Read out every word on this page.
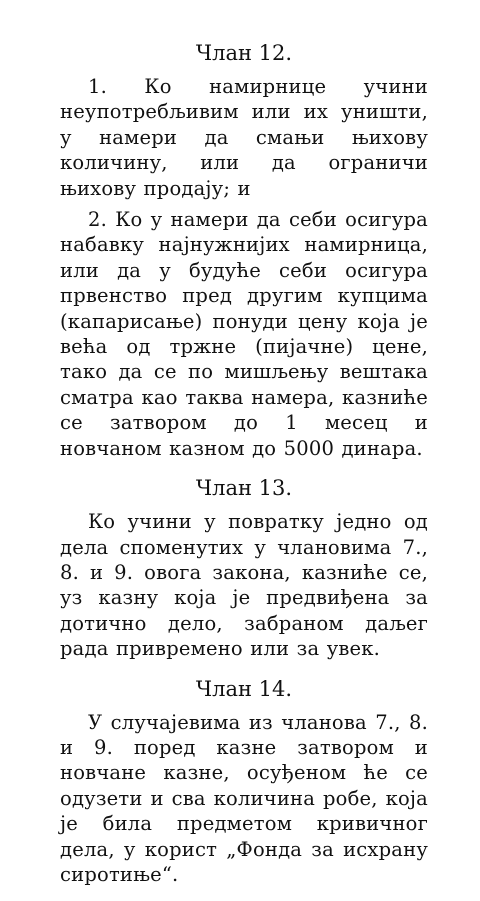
Члан 12.

1. Ко намирнице учини неупотребљивим или их уништи, у намери да смањи њихову количину, или да ограничи њихову продају; и

2. Ко у намери да себи осигура набавку најнужнијих намирница, или да у будуће себи осигура првенство пред другим купцима (капарисање) понуди цену која је већа од тржне (пијачне) цене, тако да се по мишљењу вештака сматра као таква намера, казниће се затвором до 1 месец и новчаном казном до 5000 динара.

Члан 13.

Ко учини у повратку једно од дела споменутих у члановима 7., 8. и 9. овога закона, казниће се, уз казну која је предвиђена за дотично дело, забраном даљег рада привремено или за увек.

Члан 14.

У случајевима из чланова 7., 8. и 9. поред казне затвором и новчане казне, осуђеном ће се одузети и сва количина робе, која је била предметом кривичног дела, у корист „Фонда за исхрану сиротиње“.
